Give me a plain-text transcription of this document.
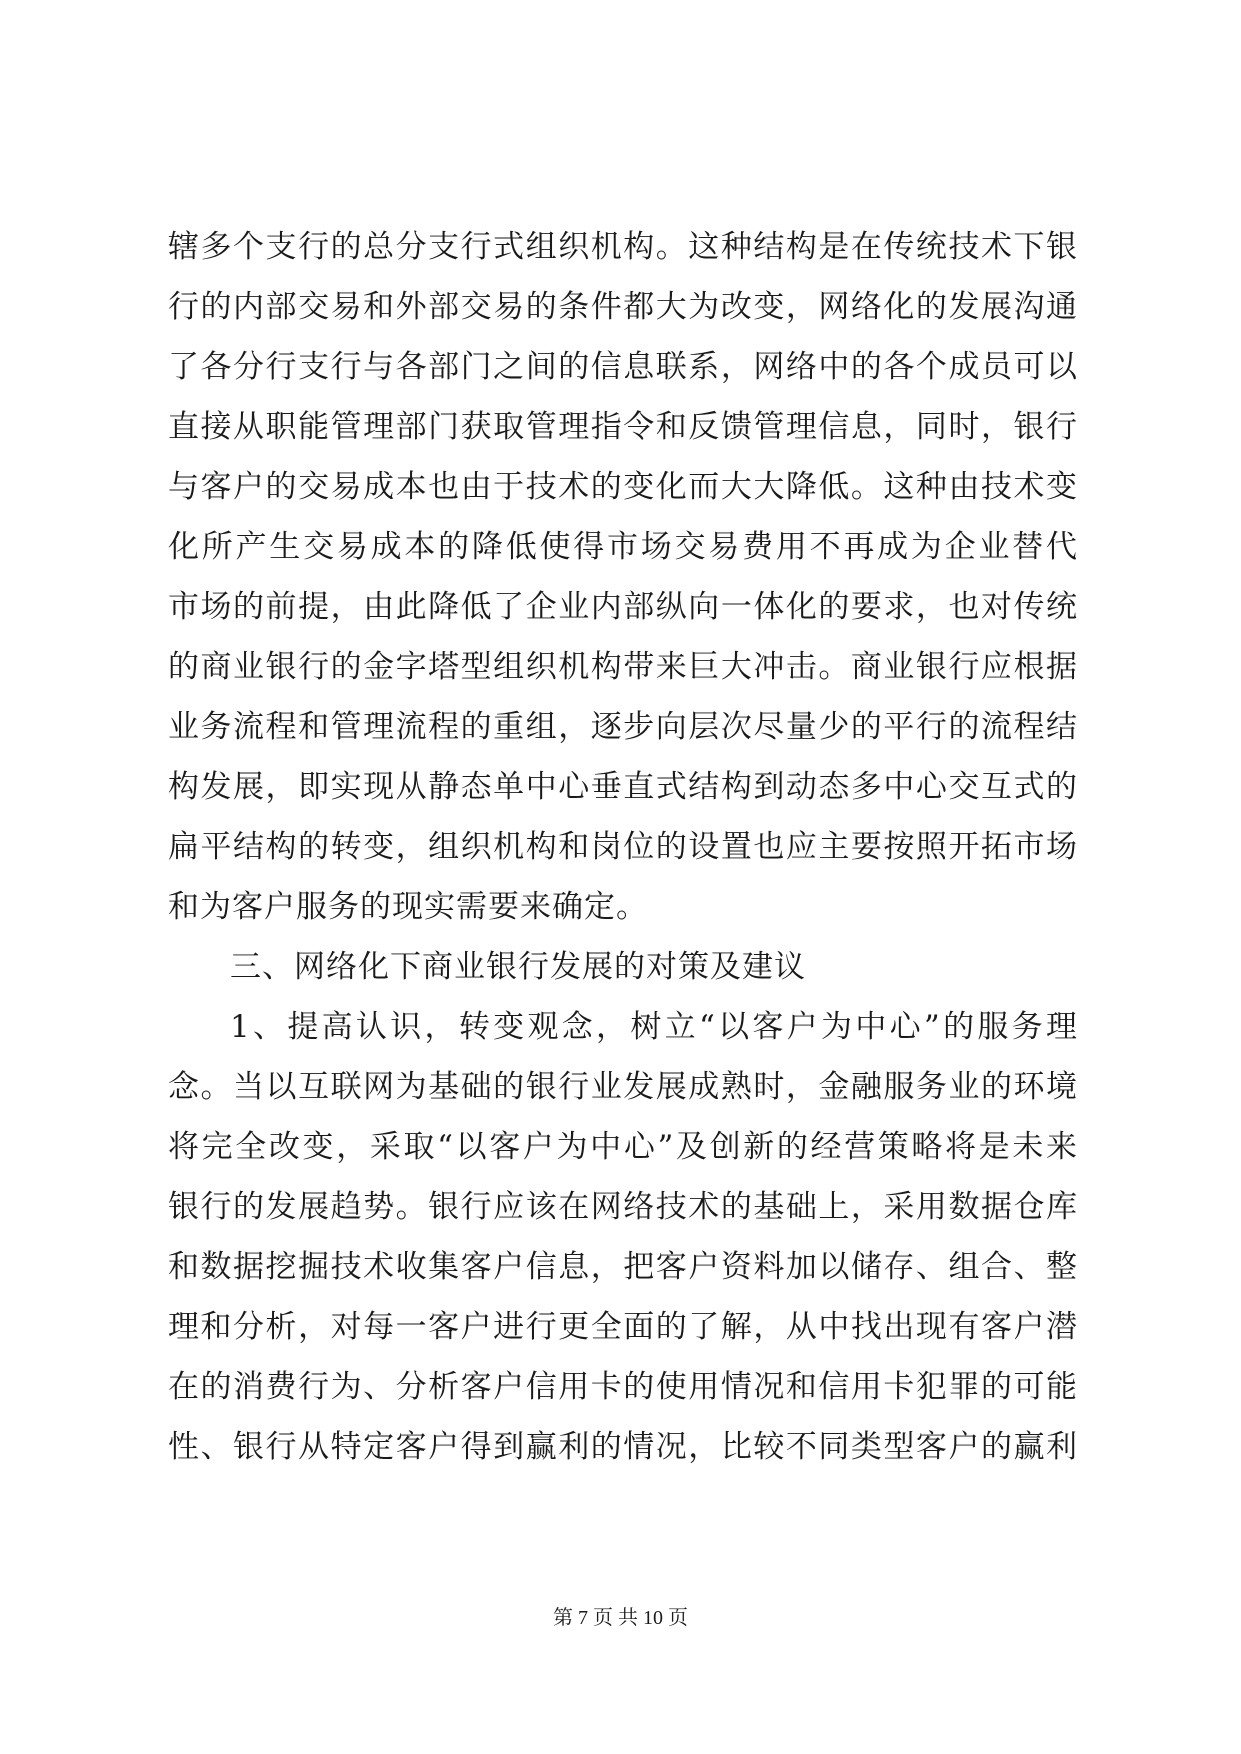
辖多个支行的总分支行式组织机构。这种结构是在传统技术下银
行的内部交易和外部交易的条件都大为改变，网络化的发展沟通
了各分行支行与各部门之间的信息联系，网络中的各个成员可以
直接从职能管理部门获取管理指令和反馈管理信息，同时，银行
与客户的交易成本也由于技术的变化而大大降低。这种由技术变
化所产生交易成本的降低使得市场交易费用不再成为企业替代
市场的前提，由此降低了企业内部纵向一体化的要求，也对传统
的商业银行的金字塔型组织机构带来巨大冲击。商业银行应根据
业务流程和管理流程的重组，逐步向层次尽量少的平行的流程结
构发展，即实现从静态单中心垂直式结构到动态多中心交互式的
扁平结构的转变，组织机构和岗位的设置也应主要按照开拓市场
和为客户服务的现实需要来确定。
三、网络化下商业银行发展的对策及建议
1、提高认识，转变观念，树立“以客户为中心”的服务理
念。当以互联网为基础的银行业发展成熟时，金融服务业的环境
将完全改变，采取“以客户为中心”及创新的经营策略将是未来
银行的发展趋势。银行应该在网络技术的基础上，采用数据仓库
和数据挖掘技术收集客户信息，把客户资料加以储存、组合、整
理和分析，对每一客户进行更全面的了解，从中找出现有客户潜
在的消费行为、分析客户信用卡的使用情况和信用卡犯罪的可能
性、银行从特定客户得到赢利的情况，比较不同类型客户的赢利
第 7 页 共 10 页
